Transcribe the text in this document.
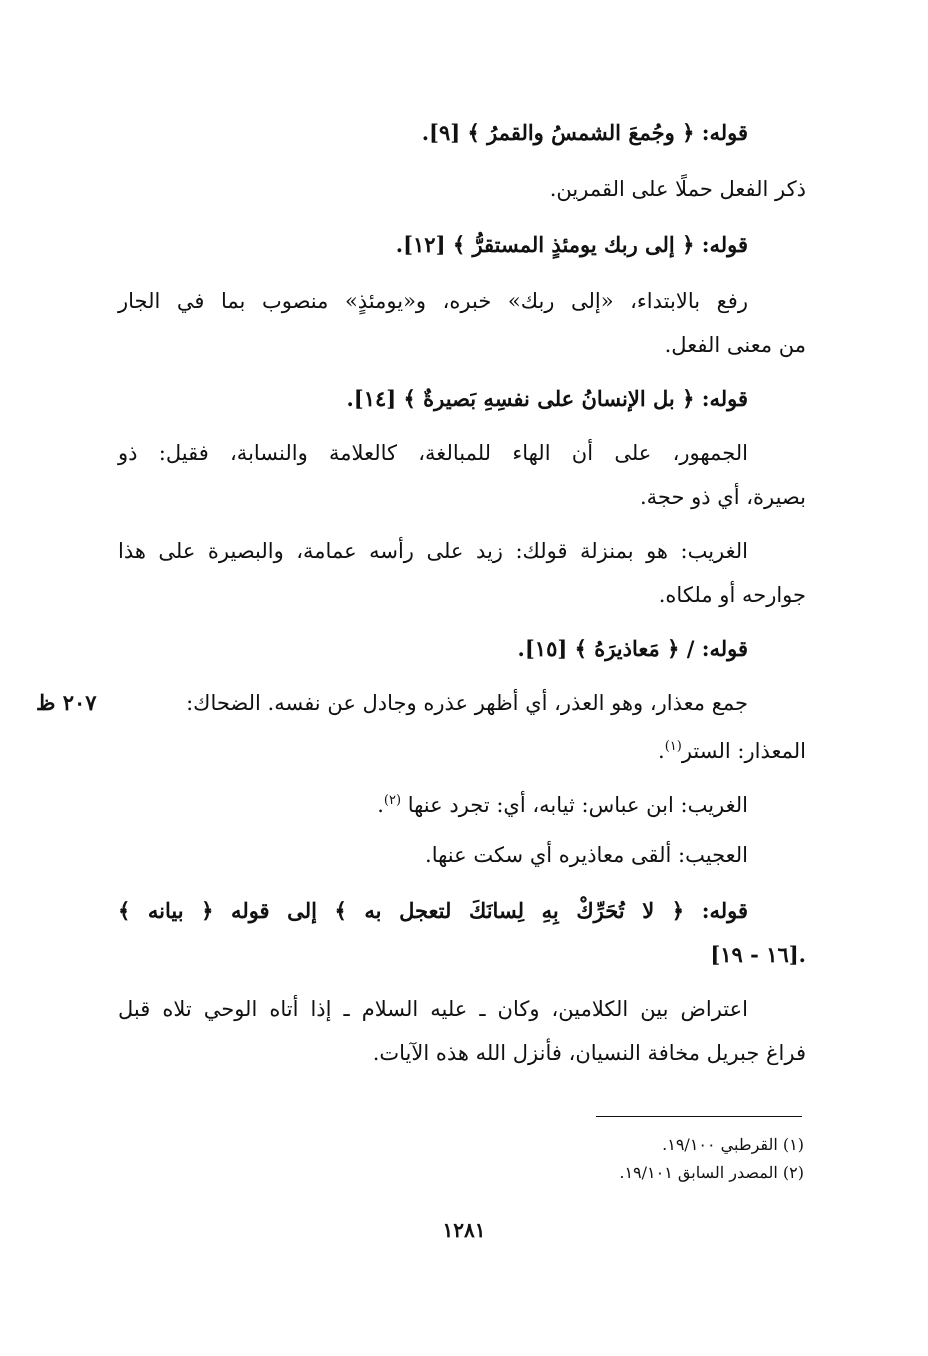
قوله: ﴿ وجُمعَ الشمسُ والقمرُ ﴾ [٩].
ذكر الفعل حملًا على القمرين.
قوله: ﴿ إلى ربك يومئذٍ المستقرُّ ﴾ [١٢].
رفع بالابتداء، «إلى ربك» خبره، و«يومئذٍ» منصوب بما في الجار
من معنى الفعل.
قوله: ﴿ بل الإنسانُ على نفسِهِ بَصيرةٌ ﴾ [١٤].
الجمهور، على أن الهاء للمبالغة، كالعلامة والنسابة، فقيل: ذو
بصيرة، أي ذو حجة.
الغريب: هو بمنزلة قولك: زيد على رأسه عمامة، والبصيرة على هذا
جوارحه أو ملكاه.
قوله: / ﴿ مَعاذيرَهُ ﴾ [١٥].
جمع معذار، وهو العذر، أي أظهر عذره وجادل عن نفسه. الضحاك:
٢٠٧ ظ
المعذار: الستر$^{(١)}$.
الغريب: ابن عباس: ثيابه، أي: تجرد عنها $^{(٢)}$.
العجيب: ألقى معاذيره أي سكت عنها.
قوله: ﴿ لا تُحَرِّكْ بِهِ لِسانَكَ لتعجل به ﴾ إلى قوله ﴿ بيانه ﴾
[١٦ - ١٩].
اعتراض بين الكلامين، وكان ـ عليه السلام ـ إذا أتاه الوحي تلاه قبل
فراغ جبريل مخافة النسيان، فأنزل الله هذه الآيات.
(١) القرطبي ١٩/١٠٠.
(٢) المصدر السابق ١٩/١٠١.
١٢٨١
